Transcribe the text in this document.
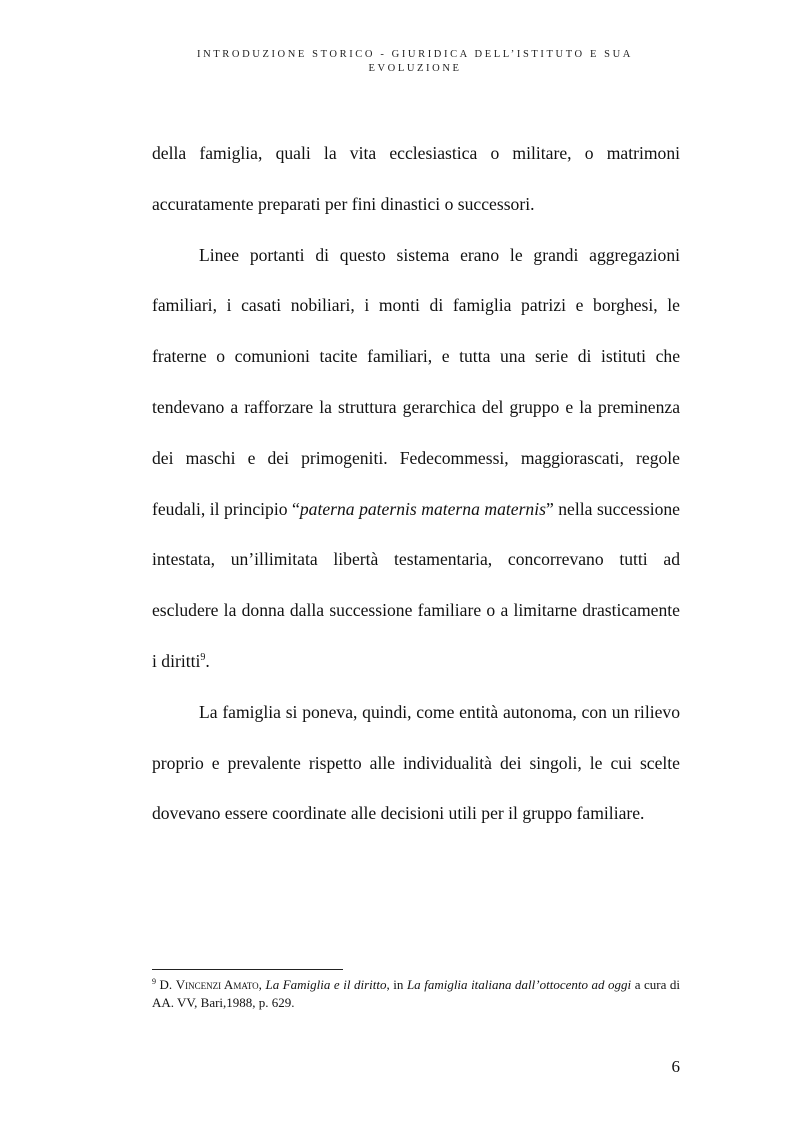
INTRODUZIONE STORICO - GIURIDICA DELL’ISTITUTO E SUA
EVOLUZIONE

della famiglia, quali la vita ecclesiastica o militare, o matrimoni accuratamente preparati per fini dinastici o successori.

Linee portanti di questo sistema erano le grandi aggregazioni familiari, i casati nobiliari, i monti di famiglia patrizi e borghesi, le fraterne o comunioni tacite familiari, e tutta una serie di istituti che tendevano a rafforzare la struttura gerarchica del gruppo e la preminenza dei maschi e dei primogeniti. Fedecommessi, maggiorascati, regole feudali, il principio “paterna paternis materna maternis” nella successione intestata, un’illimitata libertà testamentaria, concorrevano tutti ad escludere la donna dalla successione familiare o a limitarne drasticamente i diritti$^9$.

La famiglia si poneva, quindi, come entità autonoma, con un rilievo proprio e prevalente rispetto alle individualità dei singoli, le cui scelte dovevano essere coordinate alle decisioni utili per il gruppo familiare.

$^9$ D. Vincenzi Amato, La Famiglia e il diritto, in La famiglia italiana dall’ottocento ad oggi a cura di AA. VV, Bari,1988, p. 629.
6
